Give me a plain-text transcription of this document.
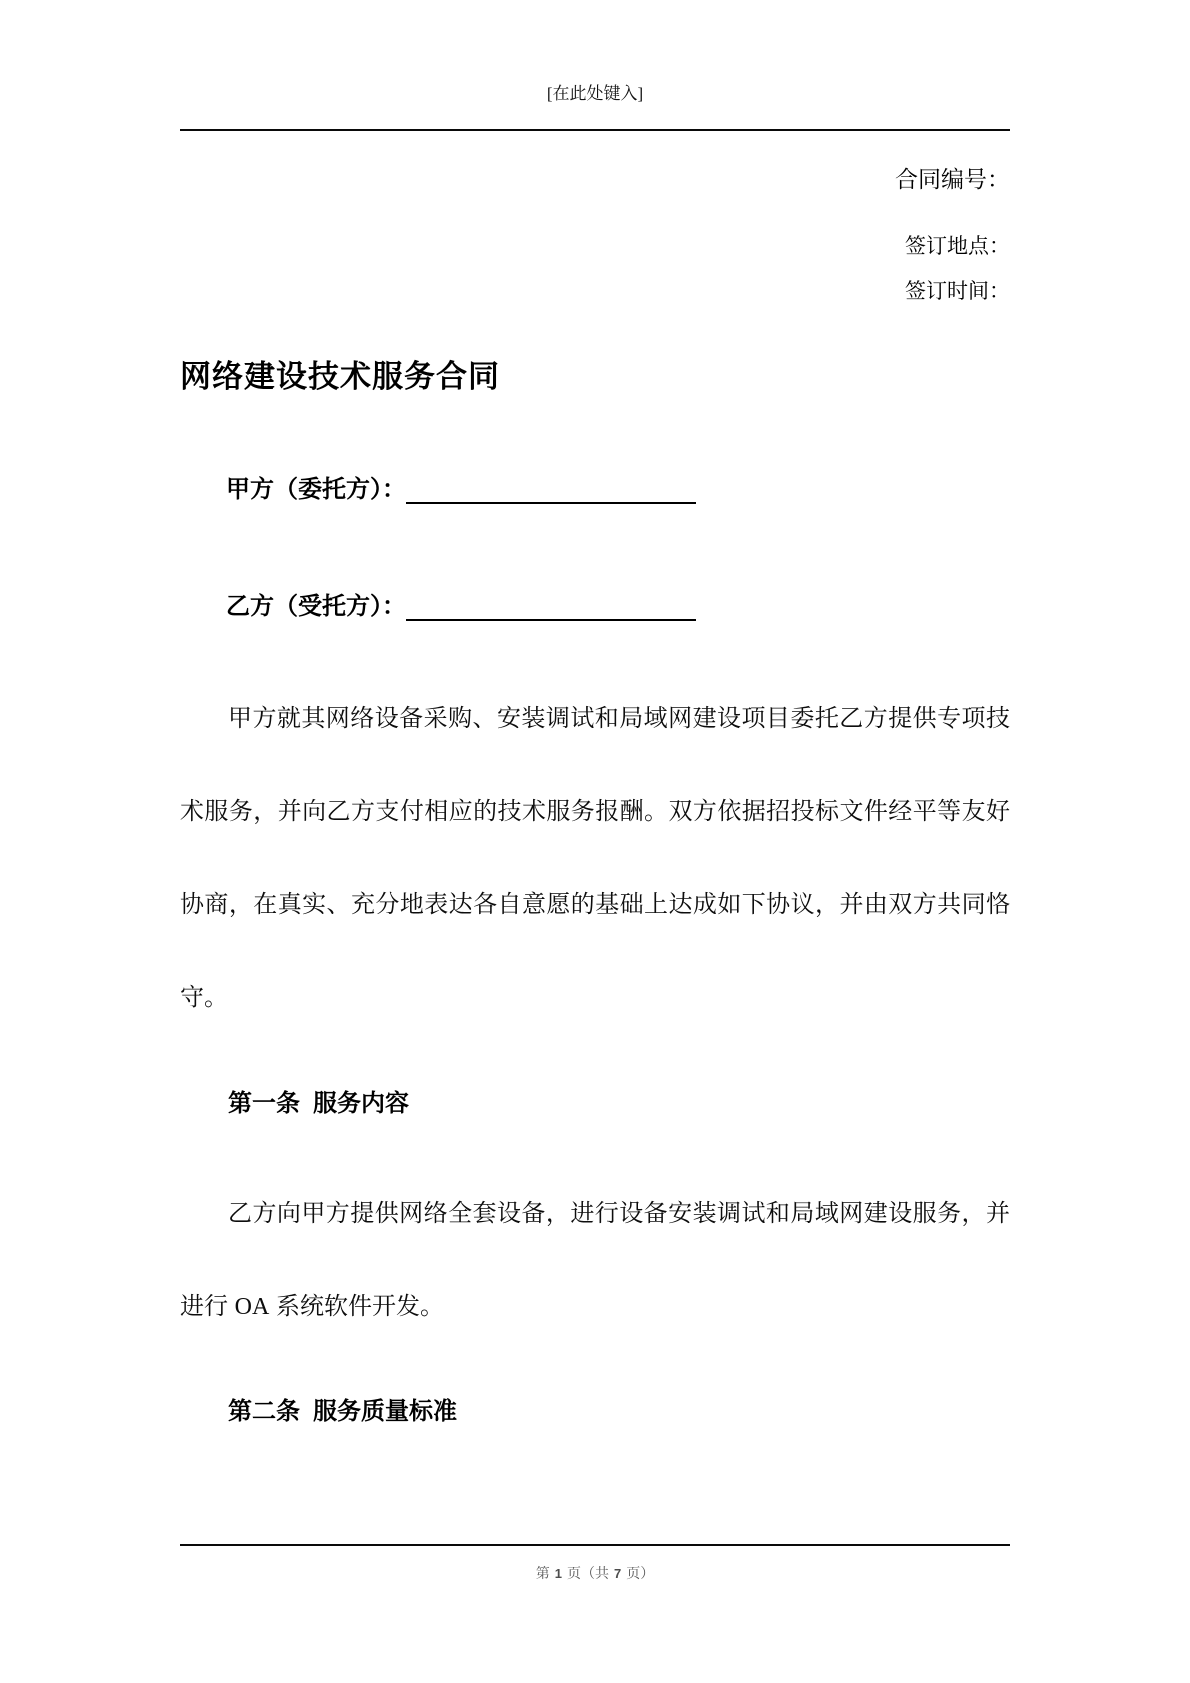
[在此处键入]
合同编号：
签订地点：
签订时间：
网络建设技术服务合同
甲方（委托方）：
乙方（受托方）：
甲方就其网络设备采购、安装调试和局域网建设项目委托乙方提供专项技术服务，并向乙方支付相应的技术服务报酬。双方依据招投标文件经平等友好协商，在真实、充分地表达各自意愿的基础上达成如下协议，并由双方共同恪守。
第一条 服务内容
乙方向甲方提供网络全套设备，进行设备安装调试和局域网建设服务，并进行 OA 系统软件开发。
第二条 服务质量标准
第 1 页（共 7 页）
